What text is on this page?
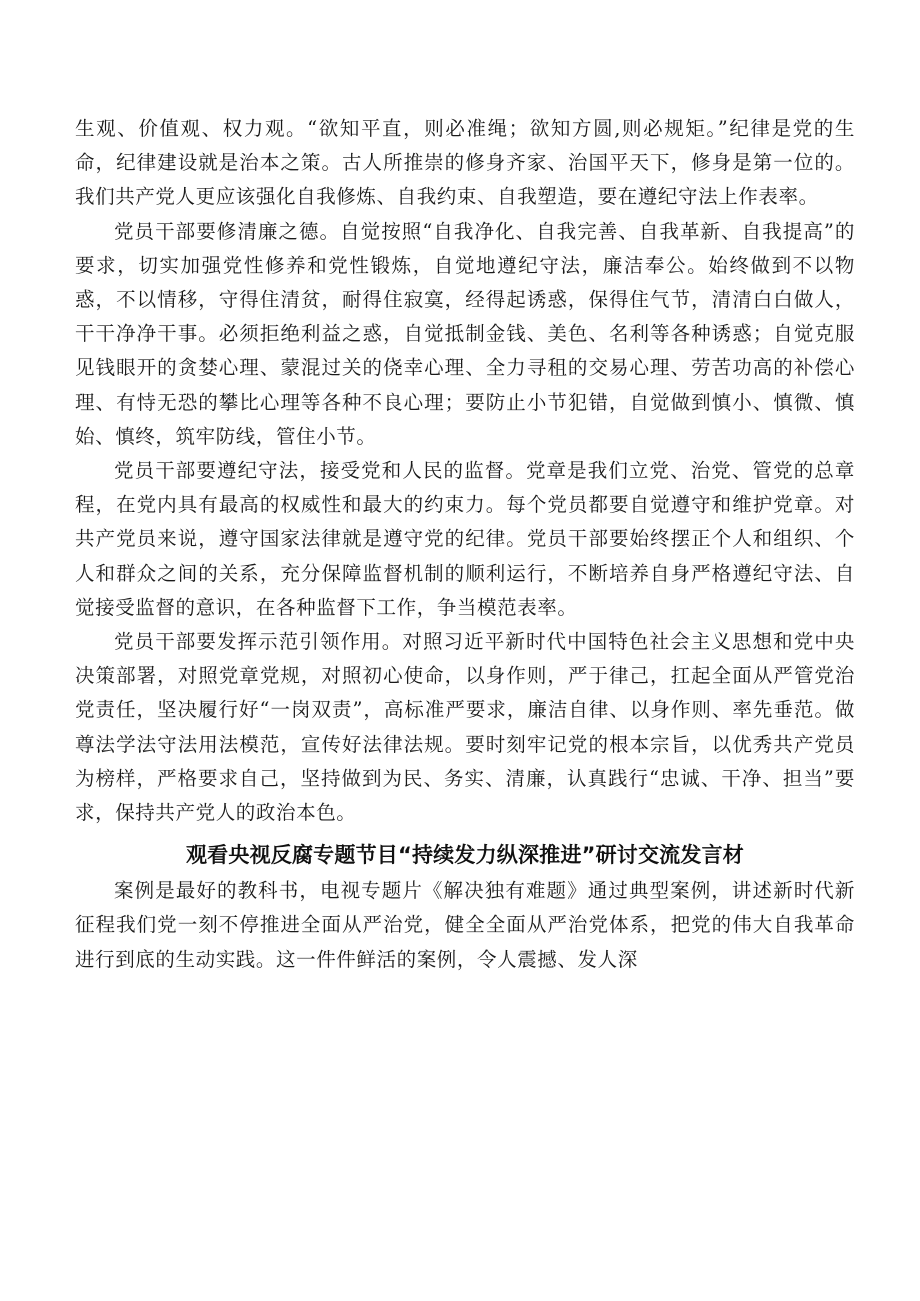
生观、价值观、权力观。“欲知平直，则必准绳；欲知方圆,则必规矩。”纪律是党的生命，纪律建设就是治本之策。古人所推崇的修身齐家、治国平天下，修身是第一位的。我们共产党人更应该强化自我修炼、自我约束、自我塑造，要在遵纪守法上作表率。

党员干部要修清廉之德。自觉按照“自我净化、自我完善、自我革新、自我提高”的要求，切实加强党性修养和党性锻炼，自觉地遵纪守法，廉洁奉公。始终做到不以物惑，不以情移，守得住清贫，耐得住寂寞，经得起诱惑，保得住气节，清清白白做人，干干净净干事。必须拒绝利益之惑，自觉抵制金钱、美色、名利等各种诱惑；自觉克服见钱眼开的贪婪心理、蒙混过关的侥幸心理、全力寻租的交易心理、劳苦功高的补偿心理、有恃无恐的攀比心理等各种不良心理；要防止小节犯错，自觉做到慎小、慎微、慎始、慎终，筑牢防线，管住小节。

党员干部要遵纪守法，接受党和人民的监督。党章是我们立党、治党、管党的总章程，在党内具有最高的权威性和最大的约束力。每个党员都要自觉遵守和维护党章。对共产党员来说，遵守国家法律就是遵守党的纪律。党员干部要始终摆正个人和组织、个人和群众之间的关系，充分保障监督机制的顺利运行，不断培养自身严格遵纪守法、自觉接受监督的意识，在各种监督下工作，争当模范表率。

党员干部要发挥示范引领作用。对照习近平新时代中国特色社会主义思想和党中央决策部署，对照党章党规，对照初心使命，以身作则，严于律己，扛起全面从严管党治党责任，坚决履行好“一岗双责”，高标准严要求，廉洁自律、以身作则、率先垂范。做尊法学法守法用法模范，宣传好法律法规。要时刻牢记党的根本宗旨，以优秀共产党员为榜样，严格要求自己，坚持做到为民、务实、清廉，认真践行“忠诚、干净、担当”要求，保持共产党人的政治本色。

观看央视反腐专题节目“持续发力纵深推进”研讨交流发言材

案例是最好的教科书，电视专题片《解决独有难题》通过典型案例，讲述新时代新征程我们党一刻不停推进全面从严治党，健全全面从严治党体系，把党的伟大自我革命进行到底的生动实践。这一件件鲜活的案例，令人震撼、发人深
